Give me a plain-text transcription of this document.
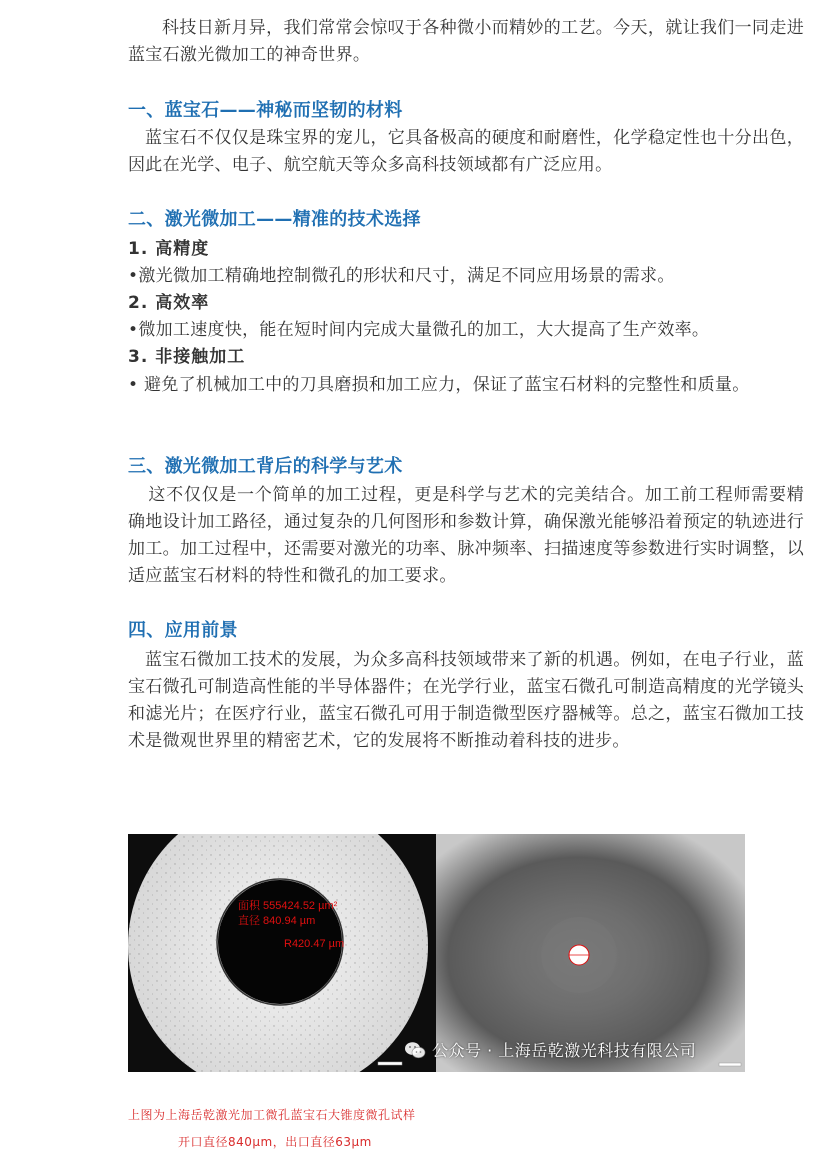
科技日新月异，我们常常会惊叹于各种微小而精妙的工艺。今天，就让我们一同走进蓝宝石激光微加工的神奇世界。

一、蓝宝石——神秘而坚韧的材料

蓝宝石不仅仅是珠宝界的宠儿，它具备极高的硬度和耐磨性，化学稳定性也十分出色，因此在光学、电子、航空航天等众多高科技领域都有广泛应用。

二、激光微加工——精准的技术选择
1. 高精度

•激光微加工精确地控制微孔的形状和尺寸，满足不同应用场景的需求。

2. 高效率

•微加工速度快，能在短时间内完成大量微孔的加工，大大提高了生产效率。

3. 非接触加工

• 避免了机械加工中的刀具磨损和加工应力，保证了蓝宝石材料的完整性和质量。

三、激光微加工背后的科学与艺术

这不仅仅是一个简单的加工过程，更是科学与艺术的完美结合。加工前工程师需要精确地设计加工路径，通过复杂的几何图形和参数计算，确保激光能够沿着预定的轨迹进行加工。加工过程中，还需要对激光的功率、脉冲频率、扫描速度等参数进行实时调整，以适应蓝宝石材料的特性和微孔的加工要求。

四、应用前景

蓝宝石微加工技术的发展，为众多高科技领域带来了新的机遇。例如，在电子行业，蓝宝石微孔可制造高性能的半导体器件；在光学行业，蓝宝石微孔可制造高精度的光学镜头和滤光片；在医疗行业，蓝宝石微孔可用于制造微型医疗器械等。总之，蓝宝石微加工技术是微观世界里的精密艺术，它的发展将不断推动着科技的进步。

面积 555424.52 µm²
直径 840.94 µm
R420.47 µm
公众号 · 上海岳乾激光科技有限公司

上图为上海岳乾激光加工微孔蓝宝石大锥度微孔试样

开口直径840μm，出口直径63μm
